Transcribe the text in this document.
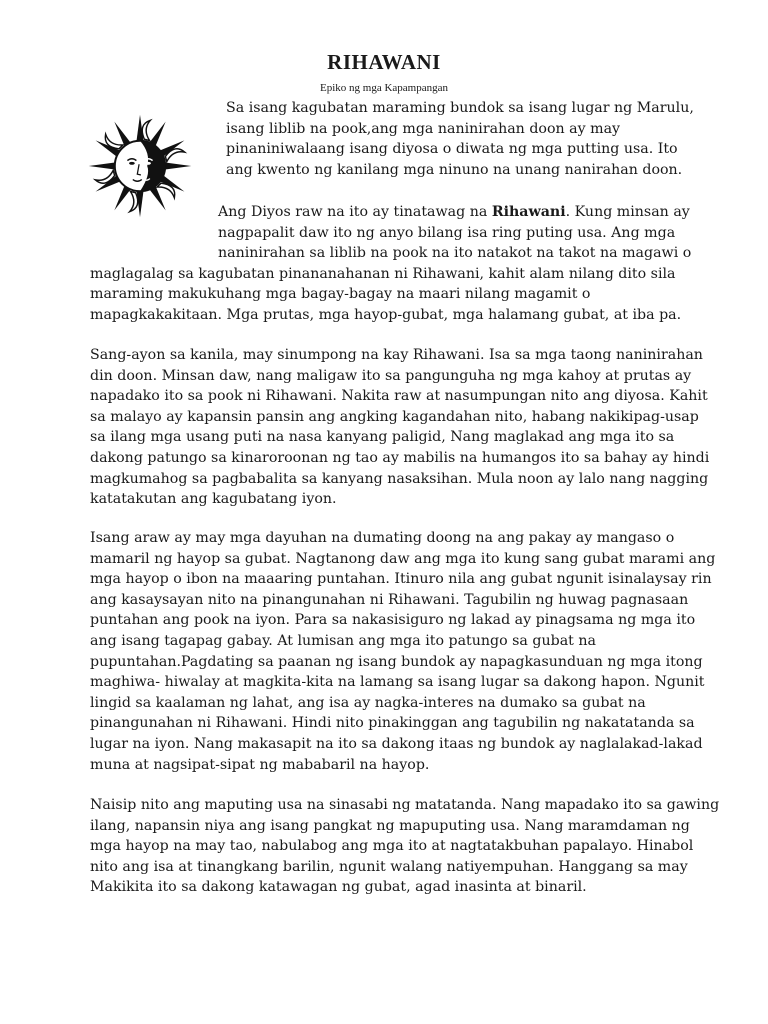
RIHAWANI

Epiko ng mga Kapampangan

Sa isang kagubatan maraming bundok sa isang lugar ng Marulu,
isang liblib na pook,ang mga naninirahan doon ay may
pinaniniwalaang isang diyosa o diwata ng mga putting usa. Ito
ang kwento ng kanilang mga ninuno na unang nanirahan doon.
Ang Diyos raw na ito ay tinatawag na Rihawani. Kung minsan ay
nagpapalit daw ito ng anyo bilang isa ring puting usa. Ang mga
naninirahan sa liblib na pook na ito natakot na takot na magawi o
maglagalag sa kagubatan pinananahanan ni Rihawani, kahit alam nilang dito sila
maraming makukuhang mga bagay-bagay na maari nilang magamit o
mapagkakakitaan. Mga prutas, mga hayop-gubat, mga halamang gubat, at iba pa.
Sang-ayon sa kanila, may sinumpong na kay Rihawani. Isa sa mga taong naninirahan
din doon. Minsan daw, nang maligaw ito sa pangunguha ng mga kahoy at prutas ay
napadako ito sa pook ni Rihawani. Nakita raw at nasumpungan nito ang diyosa. Kahit
sa malayo ay kapansin pansin ang angking kagandahan nito, habang nakikipag-usap
sa ilang mga usang puti na nasa kanyang paligid, Nang maglakad ang mga ito sa
dakong patungo sa kinaroroonan ng tao ay mabilis na humangos ito sa bahay ay hindi
magkumahog sa pagbabalita sa kanyang nasaksihan. Mula noon ay lalo nang nagging
katatakutan ang kagubatang iyon.
Isang araw ay may mga dayuhan na dumating doong na ang pakay ay mangaso o
mamaril ng hayop sa gubat. Nagtanong daw ang mga ito kung sang gubat marami ang
mga hayop o ibon na maaaring puntahan. Itinuro nila ang gubat ngunit isinalaysay rin
ang kasaysayan nito na pinangunahan ni Rihawani. Tagubilin ng huwag pagnasaan
puntahan ang pook na iyon. Para sa nakasisiguro ng lakad ay pinagsama ng mga ito
ang isang tagapag gabay. At lumisan ang mga ito patungo sa gubat na
pupuntahan.Pagdating sa paanan ng isang bundok ay napagkasunduan ng mga itong
maghiwa- hiwalay at magkita-kita na lamang sa isang lugar sa dakong hapon. Ngunit
lingid sa kaalaman ng lahat, ang isa ay nagka-interes na dumako sa gubat na
pinangunahan ni Rihawani. Hindi nito pinakinggan ang tagubilin ng nakatatanda sa
lugar na iyon. Nang makasapit na ito sa dakong itaas ng bundok ay naglalakad-lakad
muna at nagsipat-sipat ng mababaril na hayop.
Naisip nito ang maputing usa na sinasabi ng matatanda. Nang mapadako ito sa gawing
ilang, napansin niya ang isang pangkat ng mapuputing usa. Nang maramdaman ng
mga hayop na may tao, nabulabog ang mga ito at nagtatakbuhan papalayo. Hinabol
nito ang isa at tinangkang barilin, ngunit walang natiyempuhan. Hanggang sa may
Makikita ito sa dakong katawagan ng gubat, agad inasinta at binaril.
